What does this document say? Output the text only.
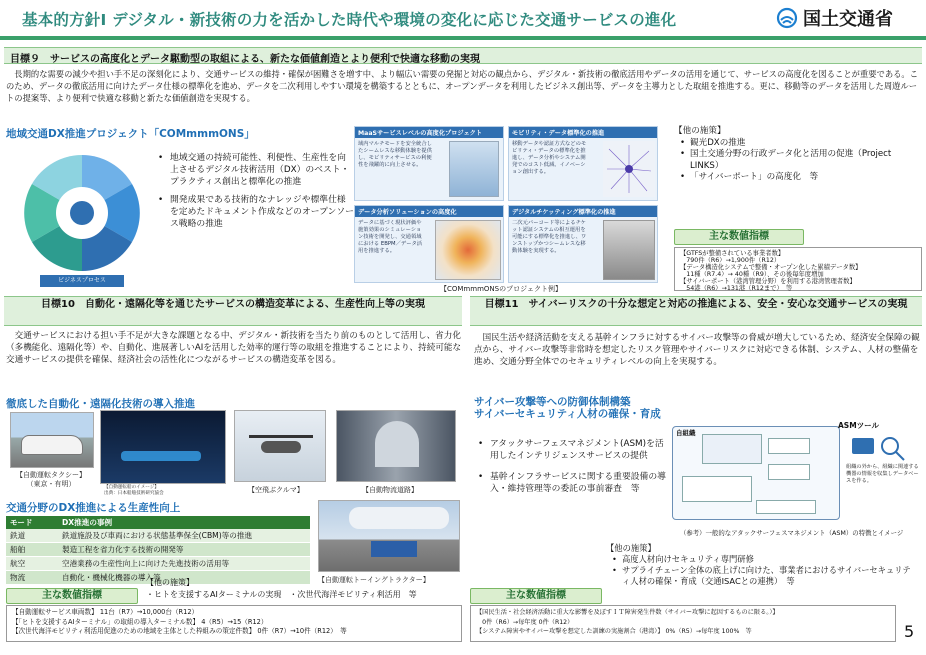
基本的方針Ⅰ デジタル・新技術の力を活かした時代や環境の変化に応じた交通サービスの進化	国土交通省
目標９　サービスの高度化とデータ駆動型の取組による、新たな価値創造とより便利で快適な移動の実現
　長期的な需要の減少や担い手不足の深刻化により、交通サービスの維持・確保が困難さを増す中、より幅広い需要の発掘と対応の観点から、デジタル・新技術の徹底活用やデータの活用を通じて、サービスの高度化を図ることが重要である。このため、データの徹底活用に向けたデータ仕様の標準化を進め、データを二次利用しやすい環境を構築するとともに、オープンデータを利用したビジネス創出等、データを主導力とした取組を推進する。更に、移動等のデータを活用した周遊ルートの提案等、より便利で快適な移動と新たな価値創造を実現する。
地域交通DX推進プロジェクト「COMmmmONS」
ビジネスプロセス
• 地域交通の持続可能性、利便性、生産性を向上させるデジタル技術活用（DX）のベスト・プラクティス創出と標準化の推進
• 開発成果である技術的なナレッジや標準仕様を定めたドキュメント作成などのオープンソース戦略の推進
MaaSサービスレベルの高度化プロジェクト
域内マルチモードを安全統合したシームレスな移動体験を提供し、モビリティサービスの利便性を飛躍的に向上させる。
モビリティ・データ標準化の推進
移動データや認証方式などのモビリティ・データの標準化を推進し、データ分析やシステム開発でのコスト低減、イノベーション創出する。
データ分析ソリューションの高度化
データに基づく現状評価や施策効果のシミュレーション技術を開発し、交通領域における EBPM／データ活用を推進する。
デジタルチケッティング標準化の推進
二次元バーコード等によるチケット認証システムの相互運用を可能にする標準化を推進し、ワンストップかつシームレスな移動体験を実現する。
【COMmmmONSのプロジェクト例】
【他の施策】
• 観光DXの推進
• 国土交通分野の行政データ化と活用の促進（Project LINKS）
• 「サイバーポート」の高度化　等
主な数値指標
【GTFSが整備されている事業者数】
　790件（R6）→1,900件（R12）
【データ構造化システムで整備・オープン化した累積データ数】
　11種（R7.4）→ 40種（R9）、その後毎年度増加
【サイバーポート（港湾管理分野）を利用する港湾管理者数】
　54港（R6）→131港（R12まで）　等
目標10　自動化・遠隔化等を通じたサービスの構造変革による、生産性向上等の実現
　交通サービスにおける担い手不足が大きな課題となる中、デジタル・新技術を当たり前のものとして活用し、省力化（多機能化、遠隔化等）や、自動化、進展著しいAIを活用した効率的運行等の取組を推進することにより、持続可能な交通サービスの提供を確保、経済社会の活性化につながるサービスの構造変革を図る。
徹底した自動化・遠隔化技術の導入推進
【自動運転タクシー】
（東京・有明）	【自動運転船のイメージ】
出典：日本船舶技術研究協会	【空飛ぶクルマ】	【自動物流道路】
交通分野のDX推進による生産性向上
モード	DX推進の事例
鉄道	鉄道施設及び車両における状態基準保全(CBM)等の推進
船舶	製造工程を省力化する技術の開発等
航空	空港業務の生産性向上に向けた先進技術の活用等
物流	自動化・機械化機器の導入等	【自動運転トーイングトラクター】
【他の施策】
・ヒトを支援するAIターミナルの実現　・次世代海洋モビリティ利活用　等
主な数値指標
【自動運転サービス車両数】 11台（R7）→10,000台（R12）
【「ヒトを支援するAIターミナル」の取組の導入ターミナル数】 4（R5）→15（R12）
【次世代海洋モビリティ利活用促進のための地域を主体とした枠組みの策定件数】 0件（R7）→10件（R12）　等
目標11　サイバーリスクの十分な想定と対応の推進による、安全・安心な交通サービスの実現
　国民生活や経済活動を支える基幹インフラに対するサイバー攻撃等の脅威が増大しているため、経済安全保障の観点から、サイバー攻撃等非常時を想定したリスク管理やサイバーリスクに対応できる体制、システム、人材の整備を進め、交通分野全体でのセキュリティレベルの向上を実現する。
サイバー攻撃等への防御体制構築
サイバーセキュリティ人材の確保・育成
• アタックサーフェスマネジメント(ASM)を活用したインテリジェンスサービスの提供
• 基幹インフラサービスに関する重要設備の導入・維持管理等の委託の事前審査　等
自組織
ASMツール
組織の外から、組織に関連する機器の情報を収集しデータベースを作る。
（参考）一般的なアタックサーフェスマネジメント（ASM）の特徴とイメージ
【他の施策】
• 高度人材向けセキュリティ専門研修
• サプライチェーン全体の底上げに向けた、事業者におけるサイバーセキュリティ人材の確保・育成（交通ISACとの連携）　等
主な数値指標
【国民生活・社会経済活動に重大な影響を及ぼすＩＴ障害発生件数（サイバー攻撃に起因するものに限る。）】
　0件（R6）→毎年度 0件（R12）
【システム障害やサイバー攻撃を想定した訓練の実施割合（港湾）】 0%（R5）→毎年度 100%　等	5
